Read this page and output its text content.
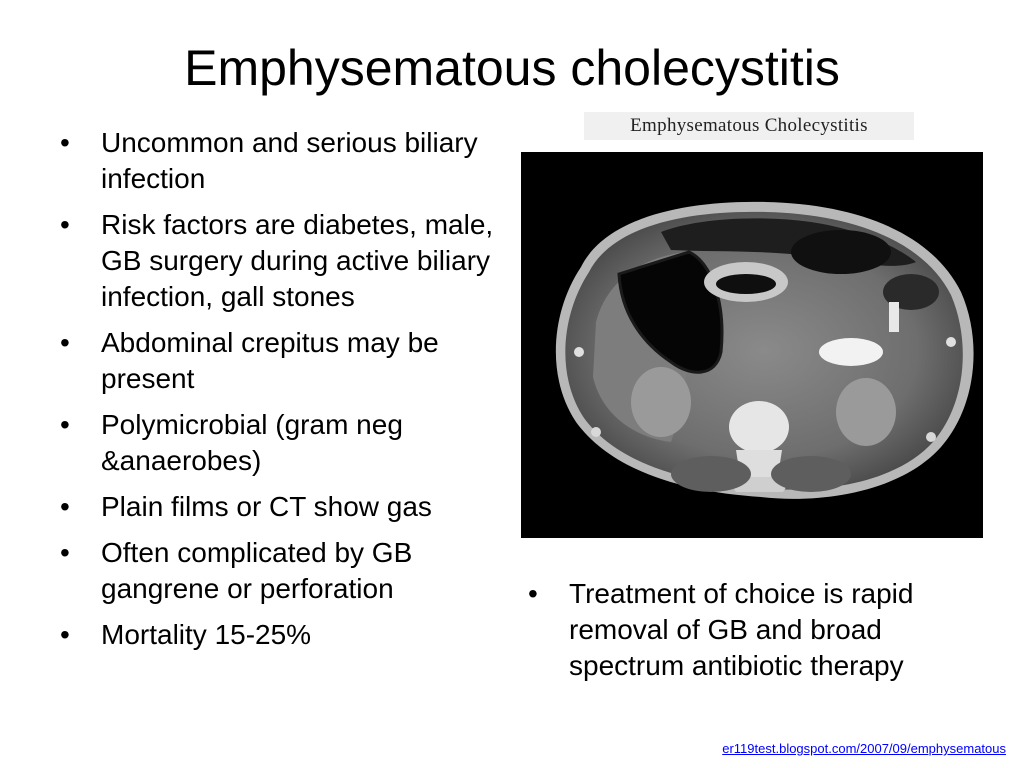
Emphysematous cholecystitis
• Uncommon and serious biliary infection
• Risk factors are diabetes, male, GB surgery during active biliary infection, gall stones
• Abdominal crepitus may be present
• Polymicrobial (gram neg &anaerobes)
• Plain films or CT show gas
• Often complicated by GB gangrene or perforation
• Mortality 15-25%
Emphysematous Cholecystitis
• Treatment of choice is rapid removal of GB and broad spectrum antibiotic therapy
er119test.blogspot.com/2007/09/emphysematous
